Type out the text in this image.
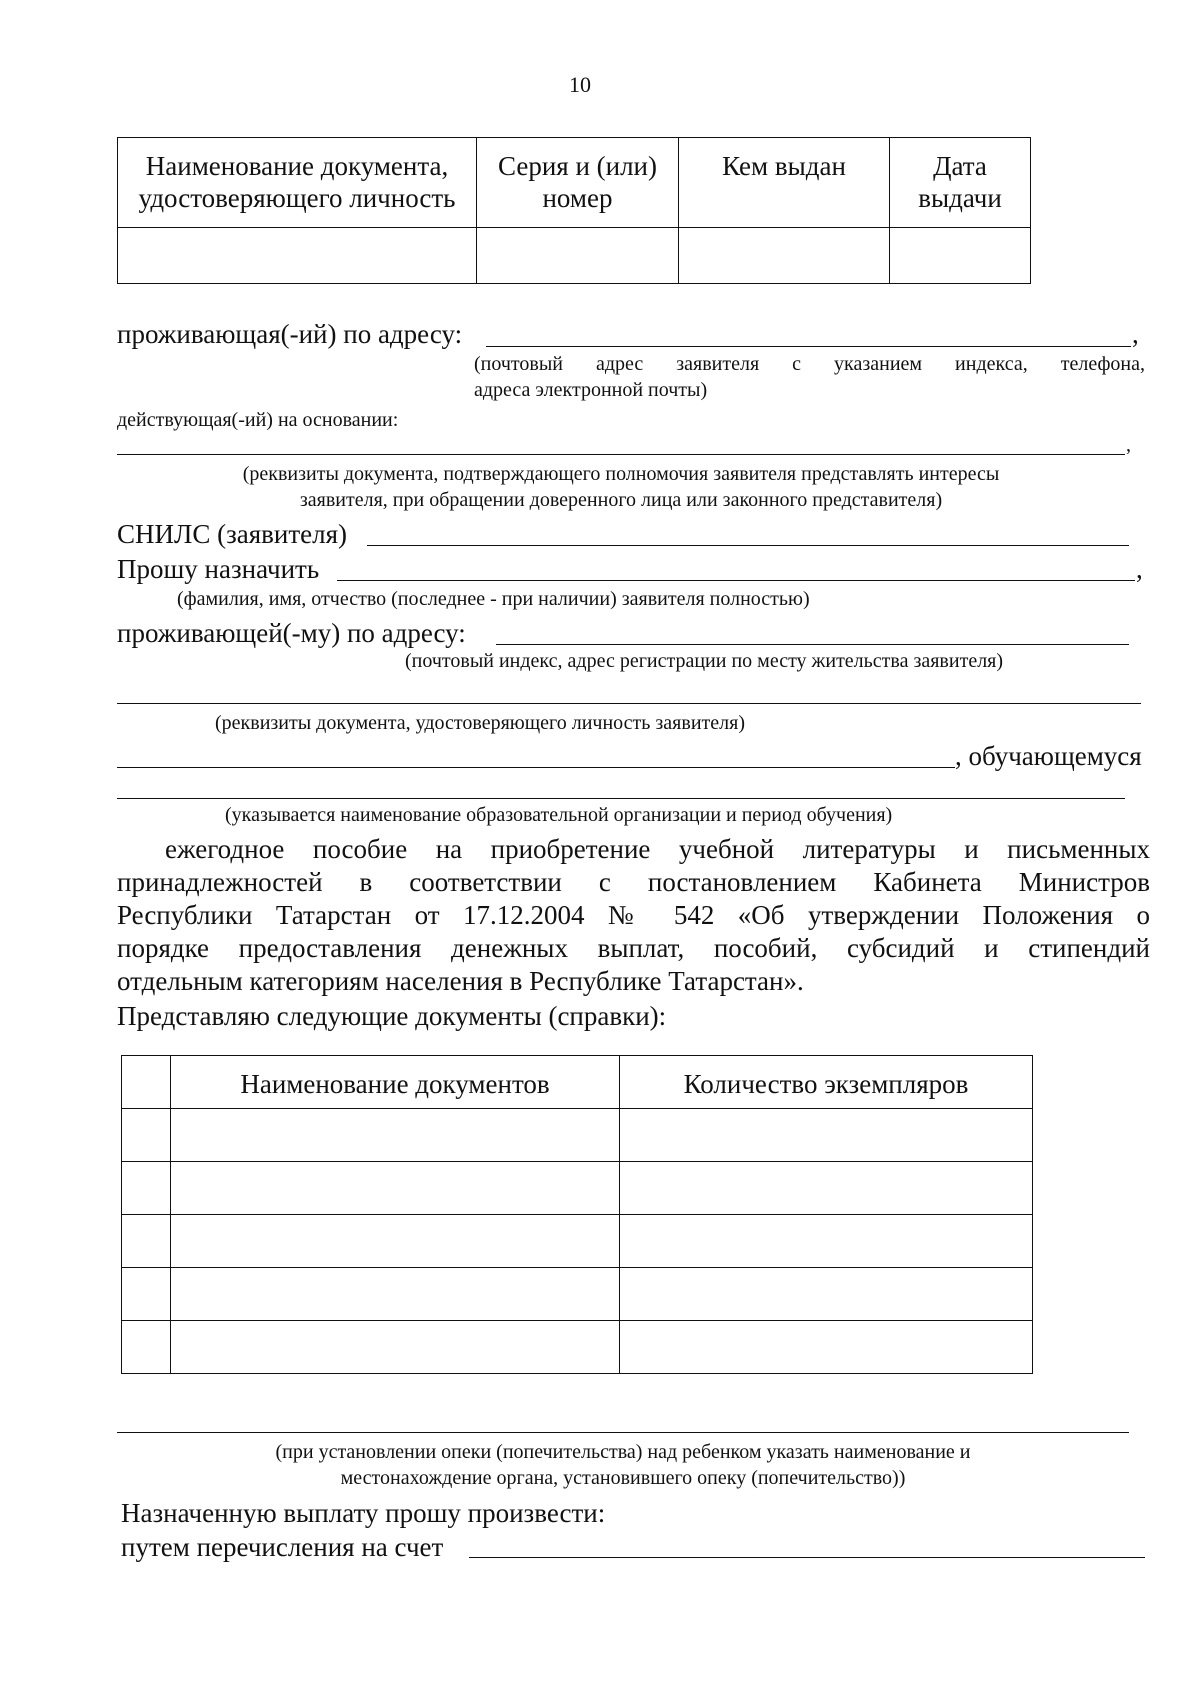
10
Наименование документа, удостоверяющего личность	Серия и (или) номер	Кем выдан	Дата выдачи

проживающая(-ий) по адресу:	,
(почтовый адрес заявителя с указанием индекса, телефона,
адреса электронной почты)
действующая(-ий) на основании:
,
(реквизиты документа, подтверждающего полномочия заявителя представлять интересы
заявителя, при обращении доверенного лица или законного представителя)
СНИЛС (заявителя)
Прошу назначить	,
(фамилия, имя, отчество (последнее - при наличии) заявителя полностью)
проживающей(-му) по адресу:
(почтовый индекс, адрес регистрации по месту жительства заявителя)
(реквизиты документа, удостоверяющего личность заявителя)
, обучающемуся
(указывается наименование образовательной организации и период обучения)
ежегодное пособие на приобретение учебной литературы и письменных
принадлежностей в соответствии с постановлением Кабинета Министров
Республики Татарстан от 17.12.2004 № 542 «Об утверждении Положения о
порядке предоставления денежных выплат, пособий, субсидий и стипендий
отдельным категориям населения в Республике Татарстан».
Представляю следующие документы (справки):

	Наименование документов	Количество экземпляров

(при установлении опеки (попечительства) над ребенком указать наименование и
местонахождение органа, установившего опеку (попечительство))
Назначенную выплату прошу произвести:
путем перечисления на счет
